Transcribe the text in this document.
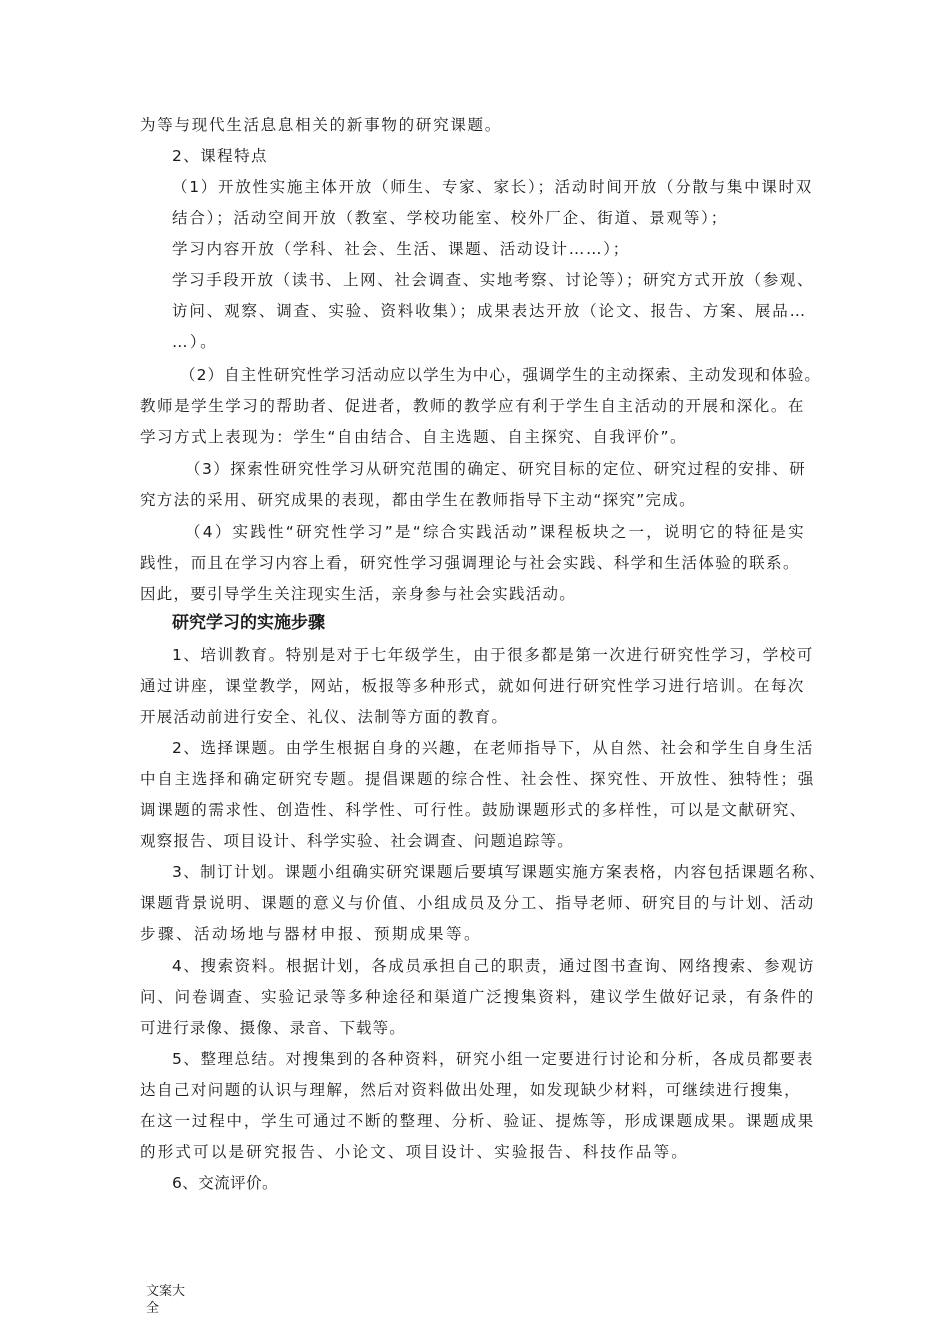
为等与现代生活息息相关的新事物的研究课题。
2、课程特点
（1）开放性实施主体开放（师生、专家、家长）；活动时间开放（分散与集中课时双
结合）；活动空间开放（教室、学校功能室、校外厂企、街道、景观等）；
学习内容开放（学科、社会、生活、课题、活动设计……）；
学习手段开放（读书、上网、社会调查、实地考察、讨论等）；研究方式开放（参观、
访问、观察、调查、实验、资料收集）；成果表达开放（论文、报告、方案、展品…
…）。
（2）自主性研究性学习活动应以学生为中心，强调学生的主动探索、主动发现和体验。
教师是学生学习的帮助者、促进者，教师的教学应有利于学生自主活动的开展和深化。在
学习方式上表现为：学生“自由结合、自主选题、自主探究、自我评价”。
（3）探索性研究性学习从研究范围的确定、研究目标的定位、研究过程的安排、研
究方法的采用、研究成果的表现，都由学生在教师指导下主动“探究”完成。
（4）实践性“研究性学习”是“综合实践活动”课程板块之一，说明它的特征是实
践性，而且在学习内容上看，研究性学习强调理论与社会实践、科学和生活体验的联系。
因此，要引导学生关注现实生活，亲身参与社会实践活动。
研究学习的实施步骤
1、培训教育。特别是对于七年级学生，由于很多都是第一次进行研究性学习，学校可
通过讲座，课堂教学，网站，板报等多种形式，就如何进行研究性学习进行培训。在每次
开展活动前进行安全、礼仪、法制等方面的教育。
2、选择课题。由学生根据自身的兴趣，在老师指导下，从自然、社会和学生自身生活
中自主选择和确定研究专题。提倡课题的综合性、社会性、探究性、开放性、独特性；强
调课题的需求性、创造性、科学性、可行性。鼓励课题形式的多样性，可以是文献研究、
观察报告、项目设计、科学实验、社会调查、问题追踪等。
3、制订计划。课题小组确实研究课题后要填写课题实施方案表格，内容包括课题名称、
课题背景说明、课题的意义与价值、小组成员及分工、指导老师、研究目的与计划、活动
步骤、活动场地与器材申报、预期成果等。
4、搜索资料。根据计划，各成员承担自己的职责，通过图书查询、网络搜索、参观访
问、问卷调查、实验记录等多种途径和渠道广泛搜集资料，建议学生做好记录，有条件的
可进行录像、摄像、录音、下载等。
5、整理总结。对搜集到的各种资料，研究小组一定要进行讨论和分析，各成员都要表
达自己对问题的认识与理解，然后对资料做出处理，如发现缺少材料，可继续进行搜集，
在这一过程中，学生可通过不断的整理、分析、验证、提炼等，形成课题成果。课题成果
的形式可以是研究报告、小论文、项目设计、实验报告、科技作品等。
6、交流评价。
文案大全
